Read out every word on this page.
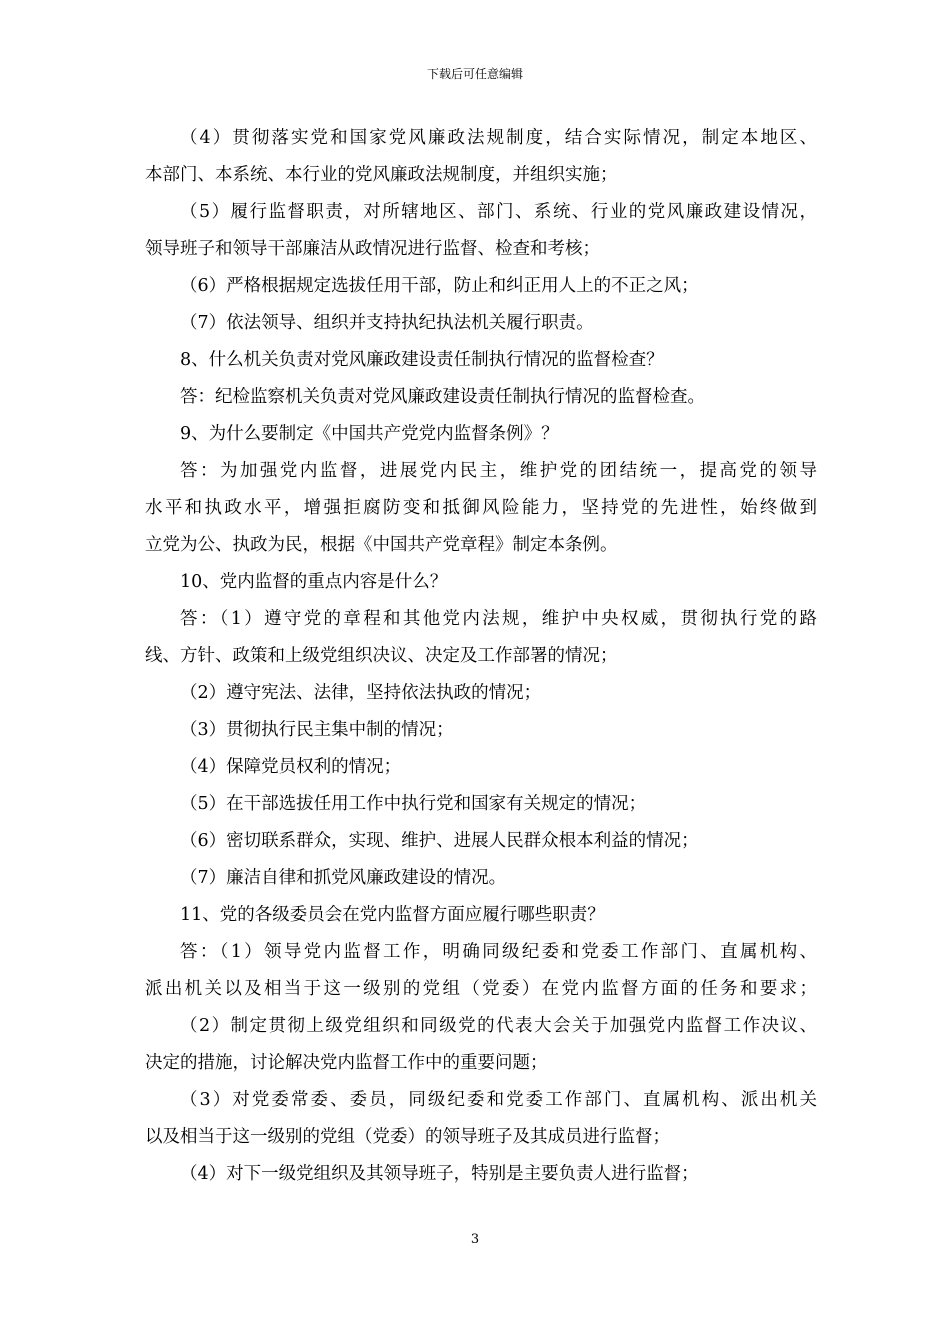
下载后可任意编辑
（4）贯彻落实党和国家党风廉政法规制度，结合实际情况，制定本地区、
本部门、本系统、本行业的党风廉政法规制度，并组织实施；
（5）履行监督职责，对所辖地区、部门、系统、行业的党风廉政建设情况，
领导班子和领导干部廉洁从政情况进行监督、检查和考核；
（6）严格根据规定选拔任用干部，防止和纠正用人上的不正之风；
（7）依法领导、组织并支持执纪执法机关履行职责。
8、什么机关负责对党风廉政建设责任制执行情况的监督检查？
答：纪检监察机关负责对党风廉政建设责任制执行情况的监督检查。
9、为什么要制定《中国共产党党内监督条例》？
答：为加强党内监督，进展党内民主，维护党的团结统一，提高党的领导
水平和执政水平，增强拒腐防变和抵御风险能力，坚持党的先进性，始终做到
立党为公、执政为民，根据《中国共产党章程》制定本条例。
10、党内监督的重点内容是什么？
答：（1）遵守党的章程和其他党内法规，维护中央权威，贯彻执行党的路
线、方针、政策和上级党组织决议、决定及工作部署的情况；
（2）遵守宪法、法律，坚持依法执政的情况；
（3）贯彻执行民主集中制的情况；
（4）保障党员权利的情况；
（5）在干部选拔任用工作中执行党和国家有关规定的情况；
（6）密切联系群众，实现、维护、进展人民群众根本利益的情况；
（7）廉洁自律和抓党风廉政建设的情况。
11、党的各级委员会在党内监督方面应履行哪些职责？
答：（1）领导党内监督工作，明确同级纪委和党委工作部门、直属机构、
派出机关以及相当于这一级别的党组（党委）在党内监督方面的任务和要求；
（2）制定贯彻上级党组织和同级党的代表大会关于加强党内监督工作决议、
决定的措施，讨论解决党内监督工作中的重要问题；
（3）对党委常委、委员，同级纪委和党委工作部门、直属机构、派出机关
以及相当于这一级别的党组（党委）的领导班子及其成员进行监督；
（4）对下一级党组织及其领导班子，特别是主要负责人进行监督；
3
